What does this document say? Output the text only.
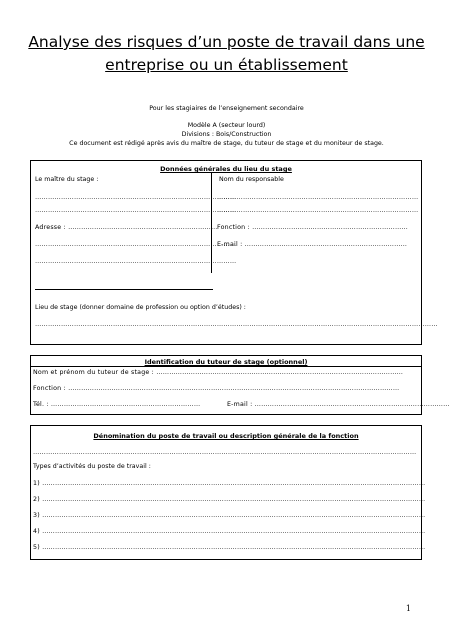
Analyse des risques d’un poste de travail dans une
entreprise ou un établissement
Pour les stagiaires de l’enseignement secondaire
Modèle A (secteur lourd)
Divisions : Bois/Construction
Ce document est rédigé après avis du maître de stage, du tuteur de stage et du moniteur de stage.
Données générales du lieu du stage
Le maître du stage :	Nom du responsable
…………………………………………………………………………………
…………………………………………………………………………………
…………………………………………………………………………………
…………………………………………………………………………………
Adresse : …………………………………………………………… Fonction : ………………………………………………………………
…………………………………………………………………………………
E-mail : …………………………………………………………………
…………………………………………………………………………………
Lieu de stage (donner domaine de profession ou option d’études) :
……………………………………………………………………………………………………………………………………………………………………
Identification du tuteur de stage (optionnel)
Nom et prénom du tuteur de stage : ……………………………………………………………………………………………………
Fonction : ………………………………………………………………………………………………………………………………………
Tél. : ……………………………………………………………	E-mail : ………………………………………………………………………………
Dénomination du poste de travail ou description générale de la fonction
……………………………………………………………………………………………………………………………………………………………
Types d’activités du poste de travail :
1) ……………………………………………………………………………………………………………………………………………………………
2) ……………………………………………………………………………………………………………………………………………………………
3) ……………………………………………………………………………………………………………………………………………………………
4) ……………………………………………………………………………………………………………………………………………………………
5) ……………………………………………………………………………………………………………………………………………………………
1
